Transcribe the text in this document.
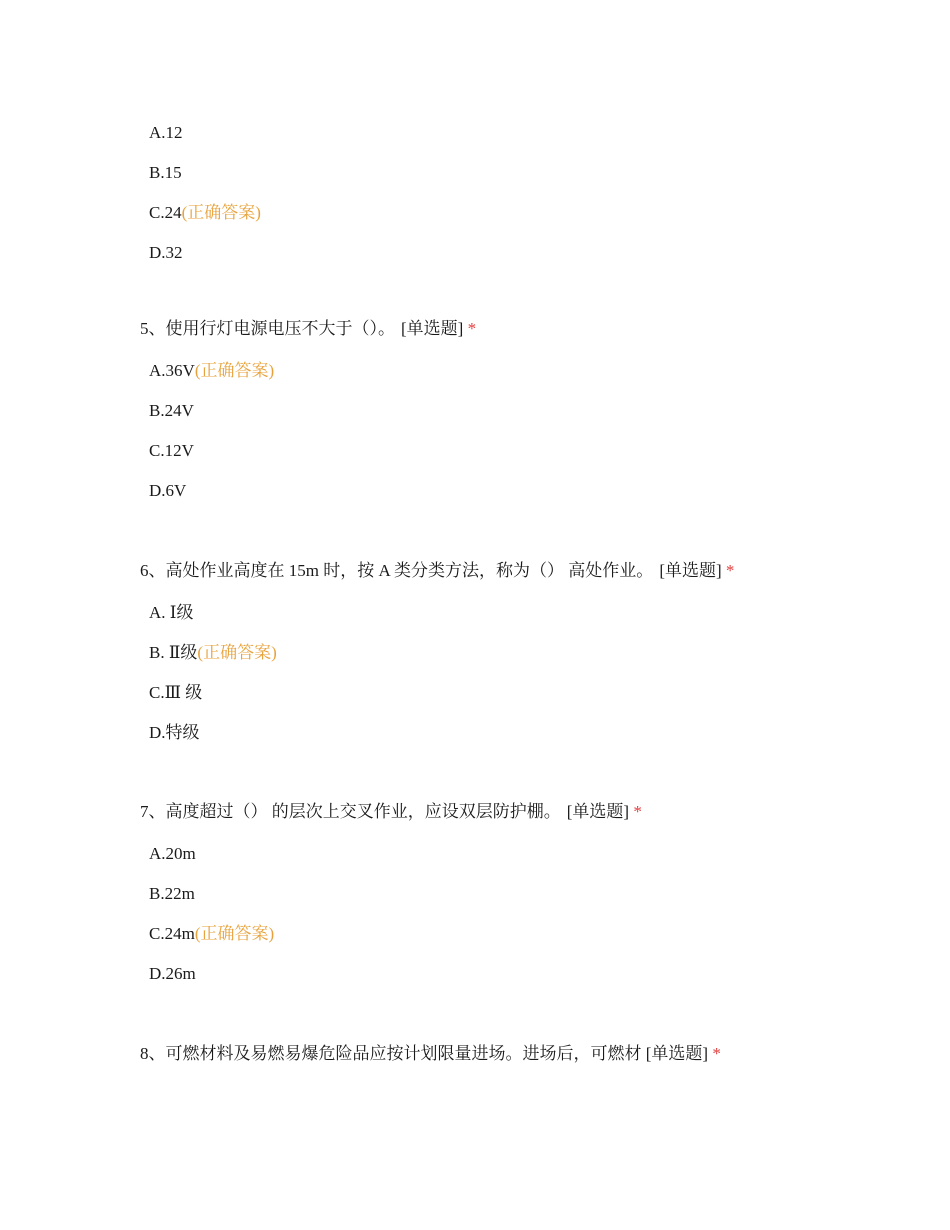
A.12
B.15
C.24(正确答案)
D.32

5、使用行灯电源电压不大于（）。 [单选题] *

A.36V(正确答案)
B.24V
C.12V
D.6V

6、高处作业高度在 15m 时，按 A 类分类方法，称为（） 高处作业。 [单选题] *

A. Ⅰ级
B. Ⅱ级(正确答案)
C.Ⅲ 级
D.特级

7、高度超过（） 的层次上交叉作业，应设双层防护棚。 [单选题] *

A.20m
B.22m
C.24m(正确答案)
D.26m

8、可燃材料及易燃易爆危险品应按计划限量进场。进场后，可燃材 [单选题] *
